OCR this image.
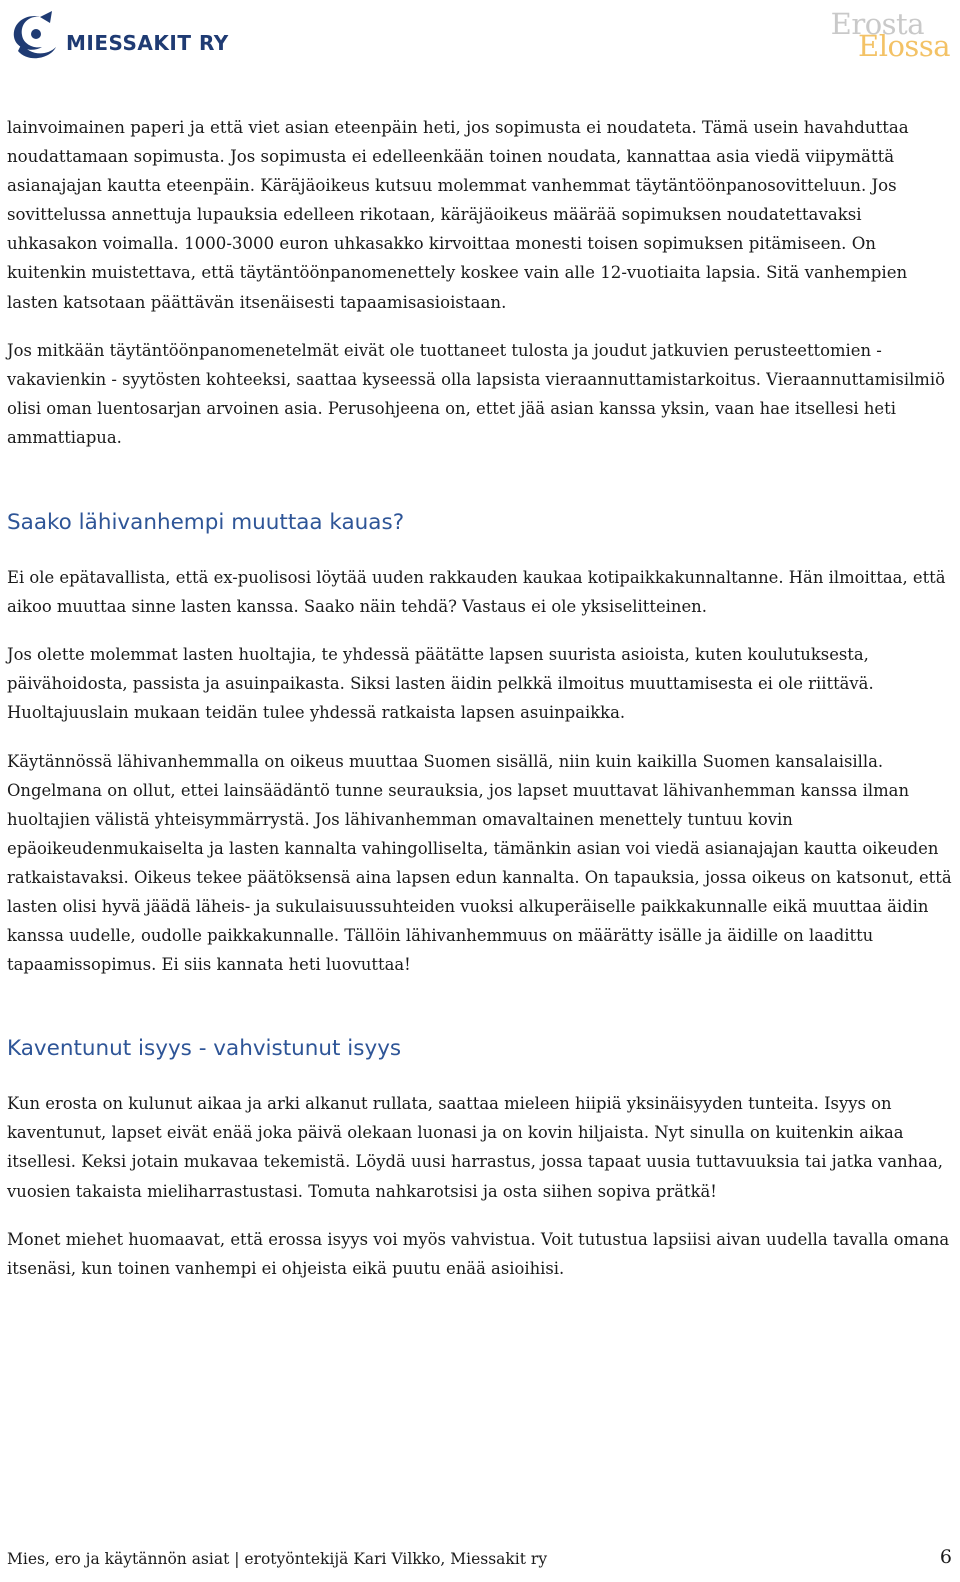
MIESSAKIT RY
Erosta
Elossa

lainvoimainen paperi ja että viet asian eteenpäin heti, jos sopimusta ei noudateta. Tämä usein havahduttaa noudattamaan sopimusta. Jos sopimusta ei edelleenkään toinen noudata, kannattaa asia viedä viipymättä asianajajan kautta eteenpäin. Käräjäoikeus kutsuu molemmat vanhemmat täytäntöönpanosovitteluun. Jos sovittelussa annettuja lupauksia edelleen rikotaan, käräjäoikeus määrää sopimuksen noudatettavaksi uhkasakon voimalla. 1000-3000 euron uhkasakko kirvoittaa monesti toisen sopimuksen pitämiseen. On kuitenkin muistettava, että täytäntöönpanomenettely koskee vain alle 12-vuotiaita lapsia. Sitä vanhempien lasten katsotaan päättävän itsenäisesti tapaamisasioistaan.

Jos mitkään täytäntöönpanomenetelmät eivät ole tuottaneet tulosta ja joudut jatkuvien perusteettomien - vakavienkin - syytösten kohteeksi, saattaa kyseessä olla lapsista vieraannuttamistarkoitus. Vieraannuttamisilmiö olisi oman luentosarjan arvoinen asia. Perusohjeena on, ettet jää asian kanssa yksin, vaan hae itsellesi heti ammattiapua.

Saako lähivanhempi muuttaa kauas?

Ei ole epätavallista, että ex-puolisosi löytää uuden rakkauden kaukaa kotipaikkakunnaltanne. Hän ilmoittaa, että aikoo muuttaa sinne lasten kanssa. Saako näin tehdä? Vastaus ei ole yksiselitteinen.

Jos olette molemmat lasten huoltajia, te yhdessä päätätte lapsen suurista asioista, kuten koulutuksesta, päivähoidosta, passista ja asuinpaikasta. Siksi lasten äidin pelkkä ilmoitus muuttamisesta ei ole riittävä. Huoltajuuslain mukaan teidän tulee yhdessä ratkaista lapsen asuinpaikka.

Käytännössä lähivanhemmalla on oikeus muuttaa Suomen sisällä, niin kuin kaikilla Suomen kansalaisilla. Ongelmana on ollut, ettei lainsäädäntö tunne seurauksia, jos lapset muuttavat lähivanhemman kanssa ilman huoltajien välistä yhteisymmärrystä. Jos lähivanhemman omavaltainen menettely tuntuu kovin epäoikeudenmukaiselta ja lasten kannalta vahingolliselta, tämänkin asian voi viedä asianajajan kautta oikeuden ratkaistavaksi. Oikeus tekee päätöksensä aina lapsen edun kannalta. On tapauksia, jossa oikeus on katsonut, että lasten olisi hyvä jäädä läheis- ja sukulaisuussuhteiden vuoksi alkuperäiselle paikkakunnalle eikä muuttaa äidin kanssa uudelle, oudolle paikkakunnalle. Tällöin lähivanhemmuus on määrätty isälle ja äidille on laadittu tapaamissopimus. Ei siis kannata heti luovuttaa!

Kaventunut isyys - vahvistunut isyys

Kun erosta on kulunut aikaa ja arki alkanut rullata, saattaa mieleen hiipiä yksinäisyyden tunteita. Isyys on kaventunut, lapset eivät enää joka päivä olekaan luonasi ja on kovin hiljaista. Nyt sinulla on kuitenkin aikaa itsellesi. Keksi jotain mukavaa tekemistä. Löydä uusi harrastus, jossa tapaat uusia tuttavuuksia tai jatka vanhaa, vuosien takaista mieliharrastustasi. Tomuta nahkarotsisi ja osta siihen sopiva prätkä!

Monet miehet huomaavat, että erossa isyys voi myös vahvistua. Voit tutustua lapsiisi aivan uudella tavalla omana itsenäsi, kun toinen vanhempi ei ohjeista eikä puutu enää asioihisi.

Mies, ero ja käytännön asiat | erotyöntekijä Kari Vilkko, Miessakit ry	6
